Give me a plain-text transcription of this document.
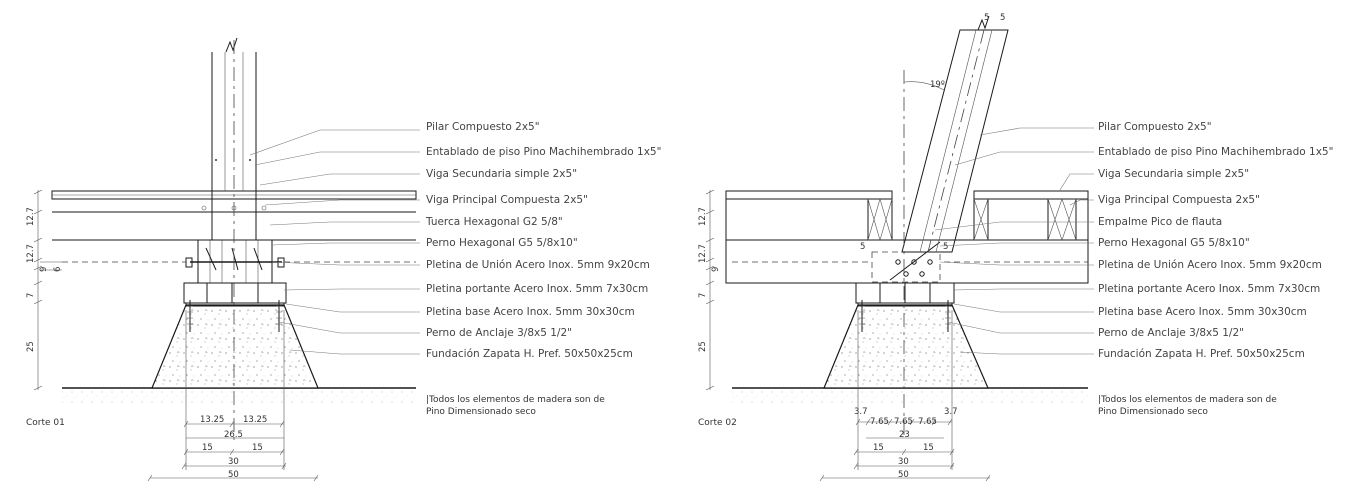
12.7
12.7
9 6
7
25
13.25 13.25
26.5
15	15
30
50
Pilar Compuesto 2x5"
Entablado de piso Pino Machihembrado 1x5"
Viga Secundaria simple 2x5"
Viga Principal Compuesta 2x5"
Tuerca Hexagonal G2 5/8"
Perno Hexagonal G5 5/8x10"
Pletina de Unión Acero Inox. 5mm 9x20cm
Pletina portante Acero Inox. 5mm 7x30cm
Pletina base Acero Inox. 5mm 30x30cm
Perno de Anclaje 3/8x5 1/2"
Fundación Zapata H. Pref. 50x50x25cm
|Todos los elementos de madera son de
Pino Dimensionado seco
Corte 01
19º
5 5
5	5
12.7
12.7
9
7
25
3.7
7.65 7.65 7.65
3.7
23
15	15
30
50
Pilar Compuesto 2x5"
Entablado de piso Pino Machihembrado 1x5"
Viga Secundaria simple 2x5"
Viga Principal Compuesta 2x5"
Empalme Pico de flauta
Perno Hexagonal G5 5/8x10"
Pletina de Unión Acero Inox. 5mm 9x20cm
Pletina portante Acero Inox. 5mm 7x30cm
Pletina base Acero Inox. 5mm 30x30cm
Perno de Anclaje 3/8x5 1/2"
Fundación Zapata H. Pref. 50x50x25cm
|Todos los elementos de madera son de
Pino Dimensionado seco
Corte 02
